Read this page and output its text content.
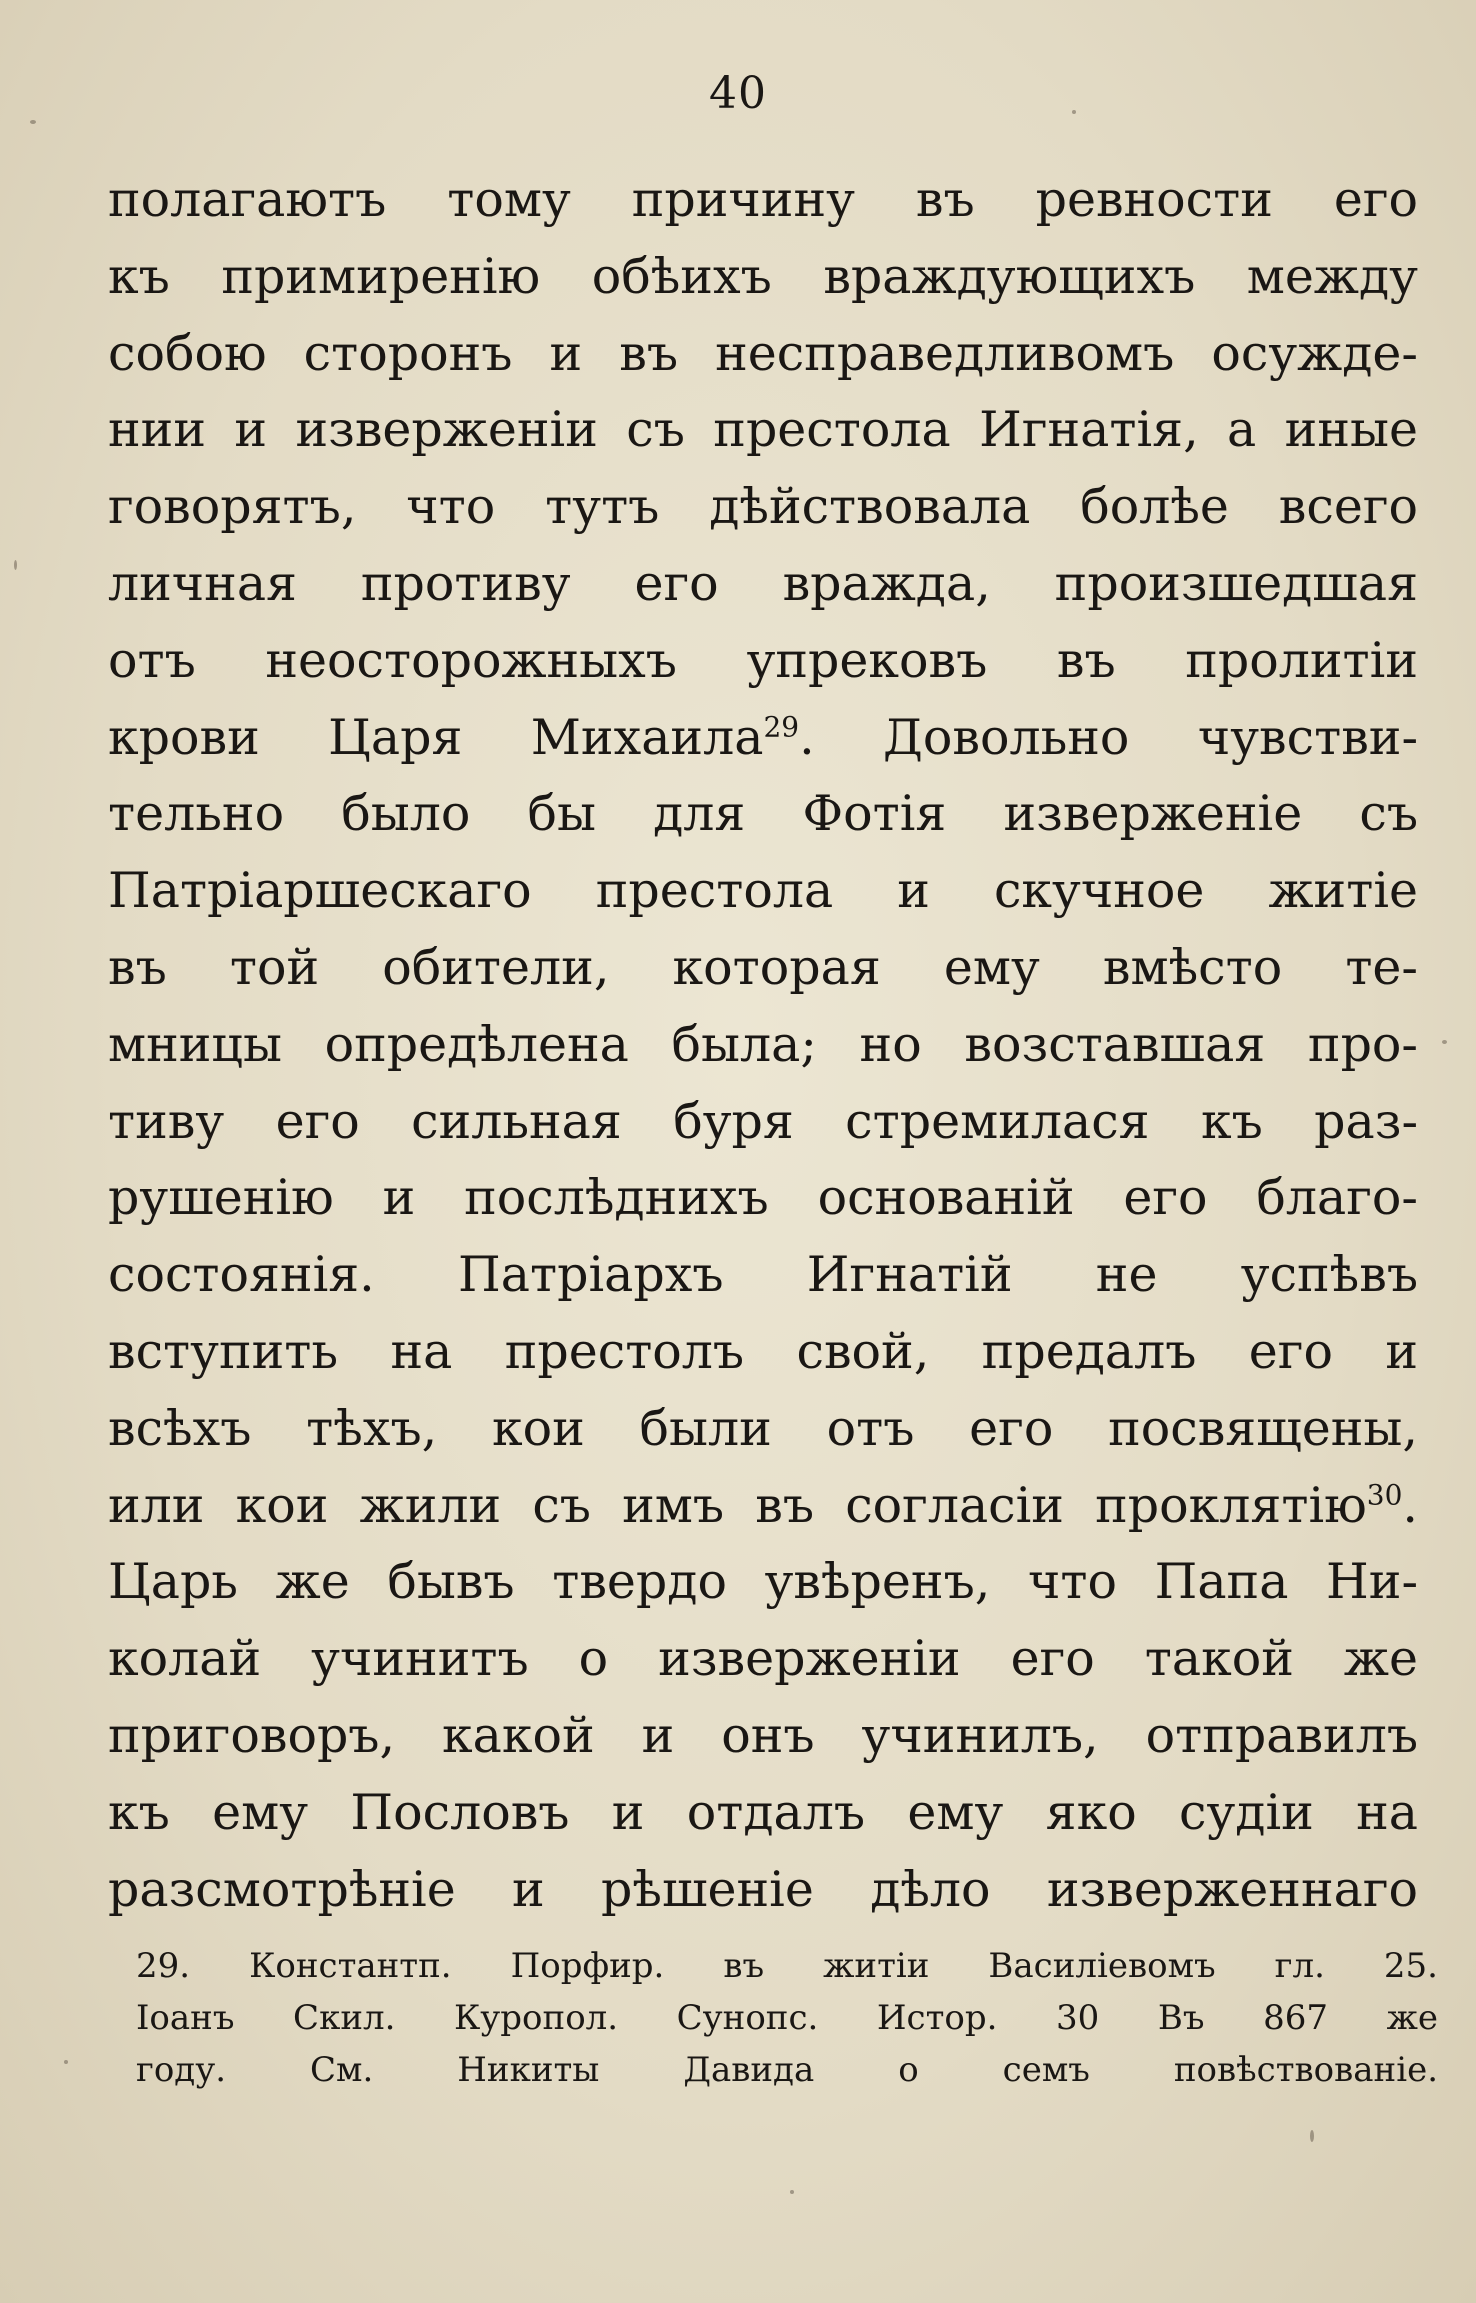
40
полагаютъ тому причину въ ревности его
къ примиренію обѣихъ враждующихъ между
собою сторонъ и въ несправедливомъ осужде-
нии и изверженіи съ престола Игнатія, а иные
говорятъ, что тутъ дѣйствовала болѣе всего
личная противу его вражда, произшедшая
отъ неосторожныхъ упрековъ въ пролитіи
крови Царя Михаила$^{29}$. Довольно чувстви-
тельно было бы для Фотія изверженіе съ
Патріаршескаго престола и скучное житіе
въ той обители, которая ему вмѣсто те-
мницы опредѣлена была; но возставшая про-
тиву его сильная буря стремилася къ раз-
рушенію и послѣднихъ основаній его благо-
состоянія. Патріархъ Игнатій не успѣвъ
вступить на престолъ свой, предалъ его и
всѣхъ тѣхъ, кои были отъ его посвящены,
или кои жили съ имъ въ согласіи проклятію$^{30}$.
Царь же бывъ твердо увѣренъ, что Папа Ни-
колай учинитъ о изверженіи его такой же
приговоръ, какой и онъ учинилъ, отправилъ
къ ему Пословъ и отдалъ ему яко судіи на
разсмотрѣніе и рѣшеніе дѣло изверженнаго
29. Константп. Порфир. въ житіи Василіевомъ гл. 25.
Іоанъ Скил. Куропол. Сунопс. Истор. 30 Въ 867 же
году. См. Никиты Давида о семъ повѣствованіе.
